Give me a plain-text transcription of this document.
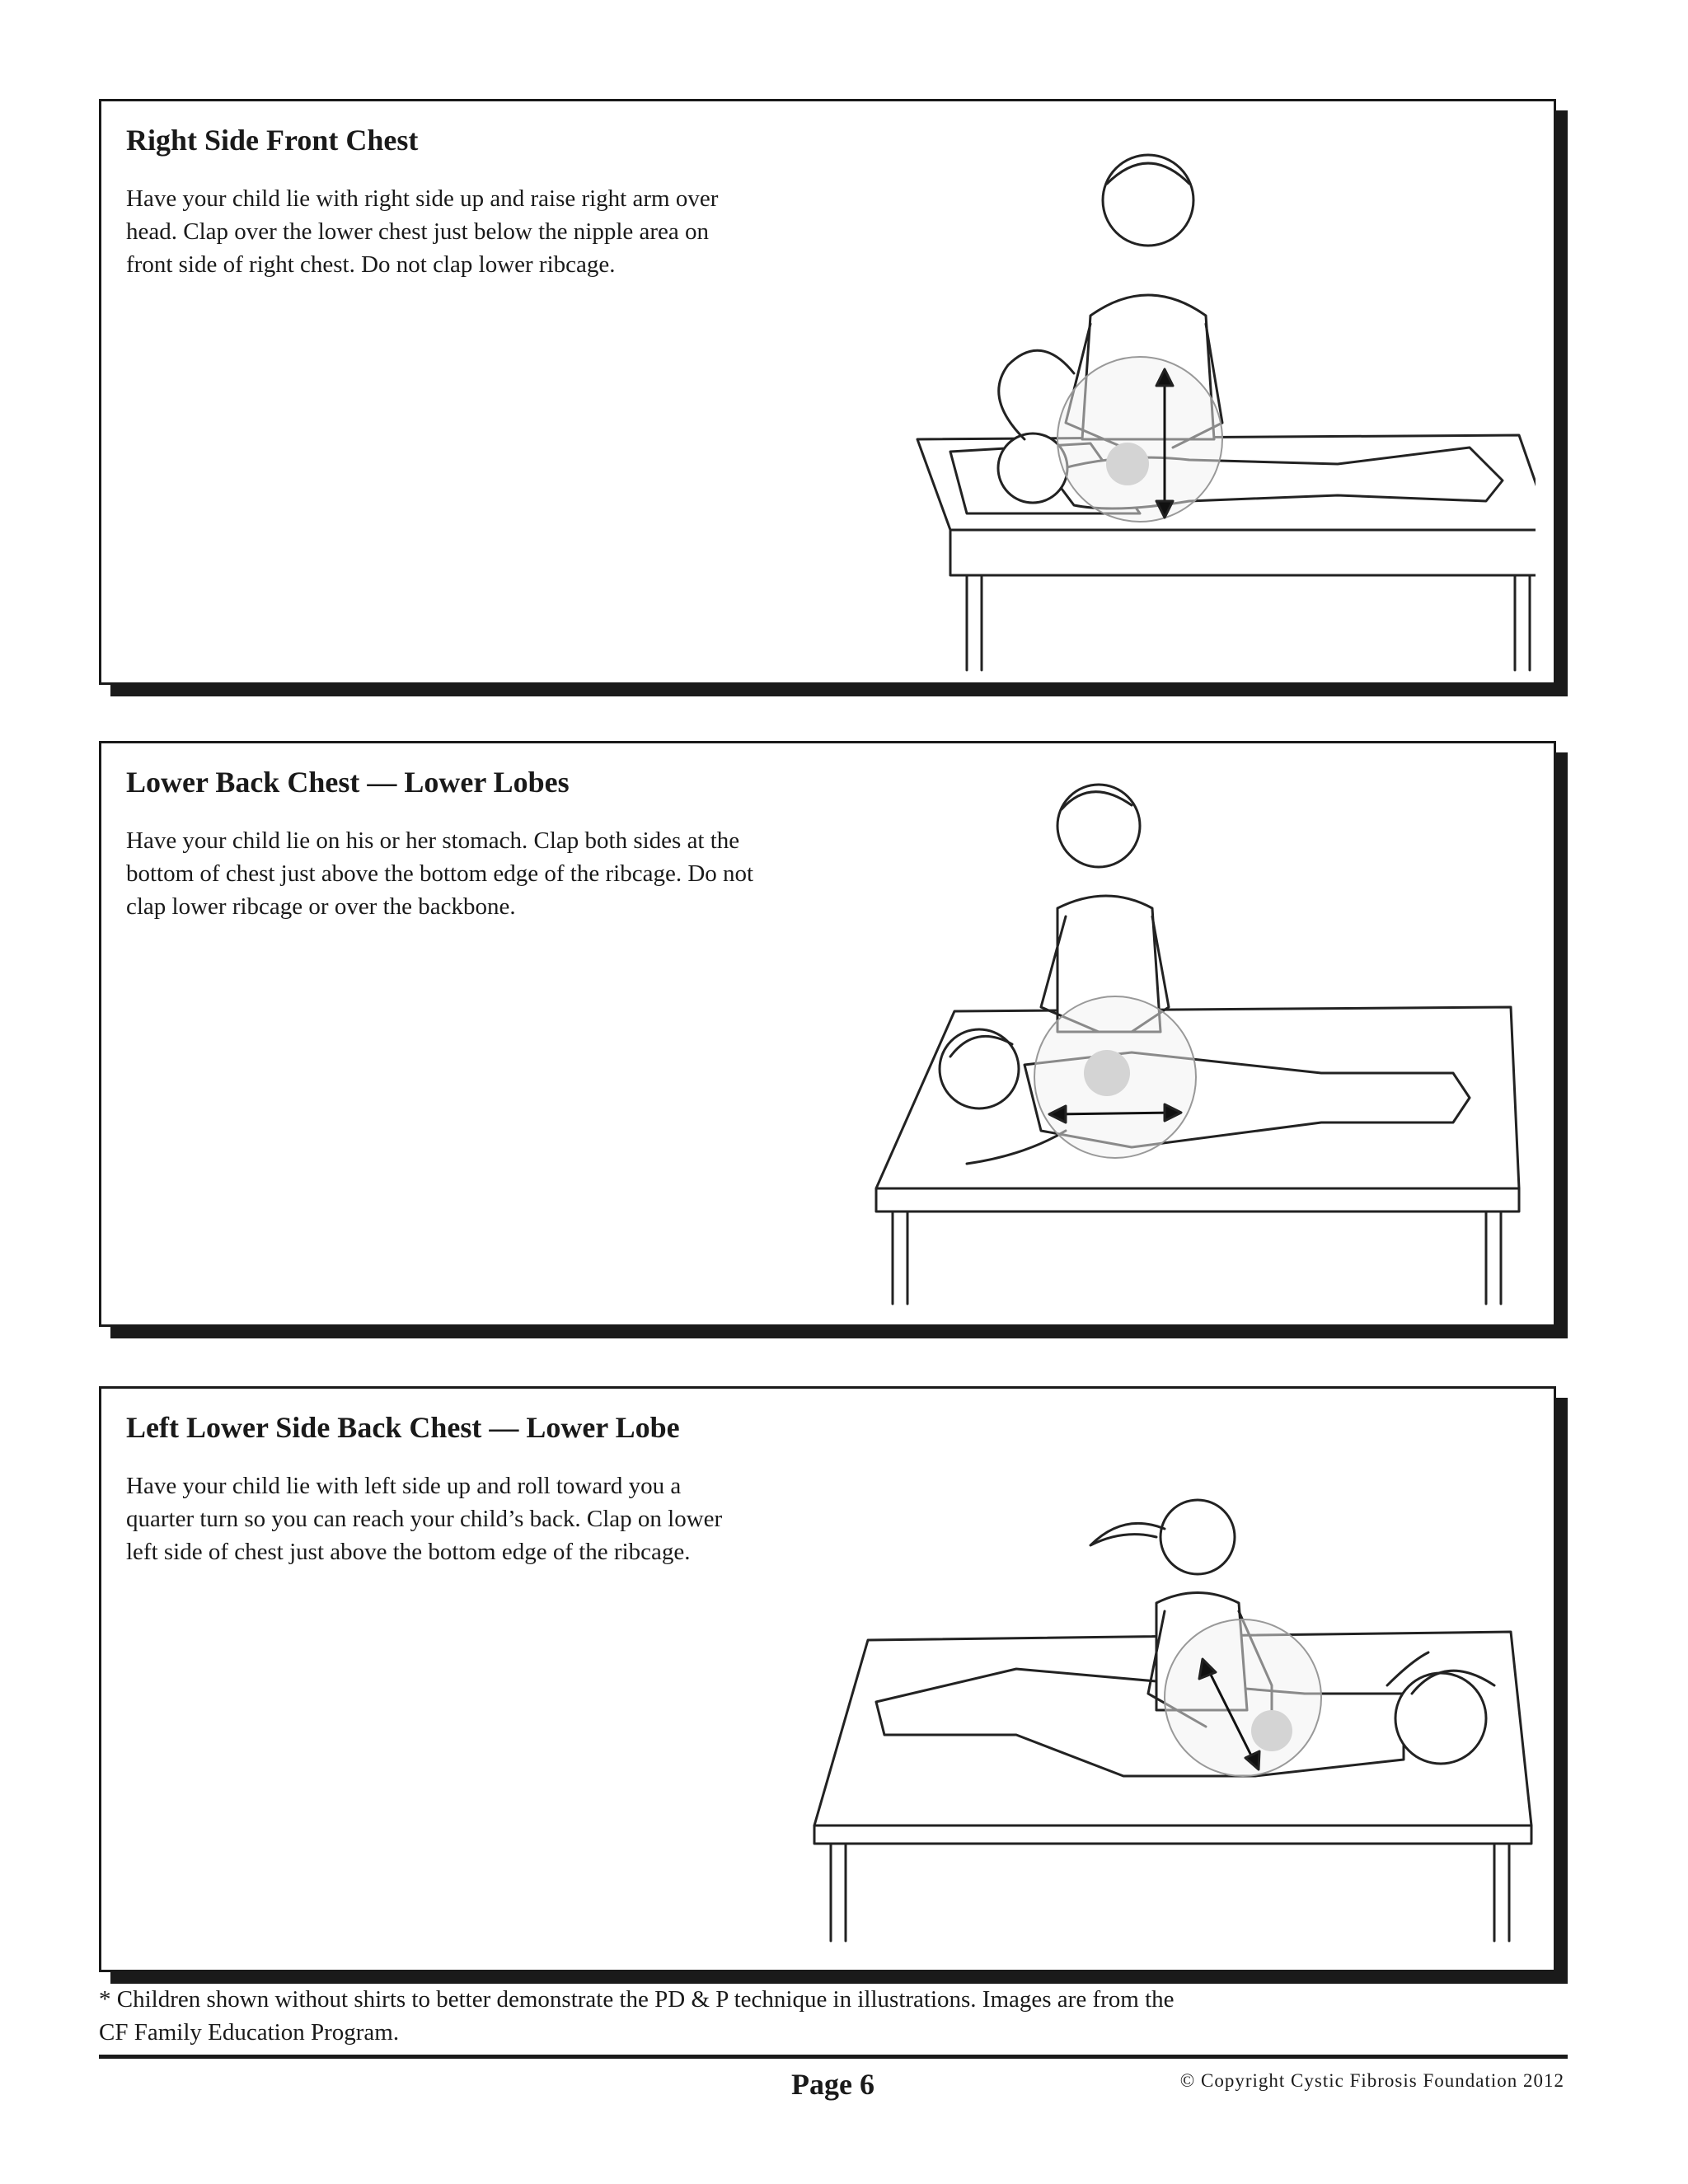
Right Side Front Chest

Have your child lie with right side up and raise right arm over
head. Clap over the lower chest just below the nipple area on
front side of right chest. Do not clap lower ribcage.

Lower Back Chest — Lower Lobes

Have your child lie on his or her stomach. Clap both sides at the
bottom of chest just above the bottom edge of the ribcage. Do not
clap lower ribcage or over the backbone.

Left Lower Side Back Chest — Lower Lobe

Have your child lie with left side up and roll toward you a
quarter turn so you can reach your child’s back. Clap on lower
left side of chest just above the bottom edge of the ribcage.

* Children shown without shirts to better demonstrate the PD & P technique in illustrations. Images are from the
CF Family Education Program.

Page 6	© Copyright Cystic Fibrosis Foundation 2012
